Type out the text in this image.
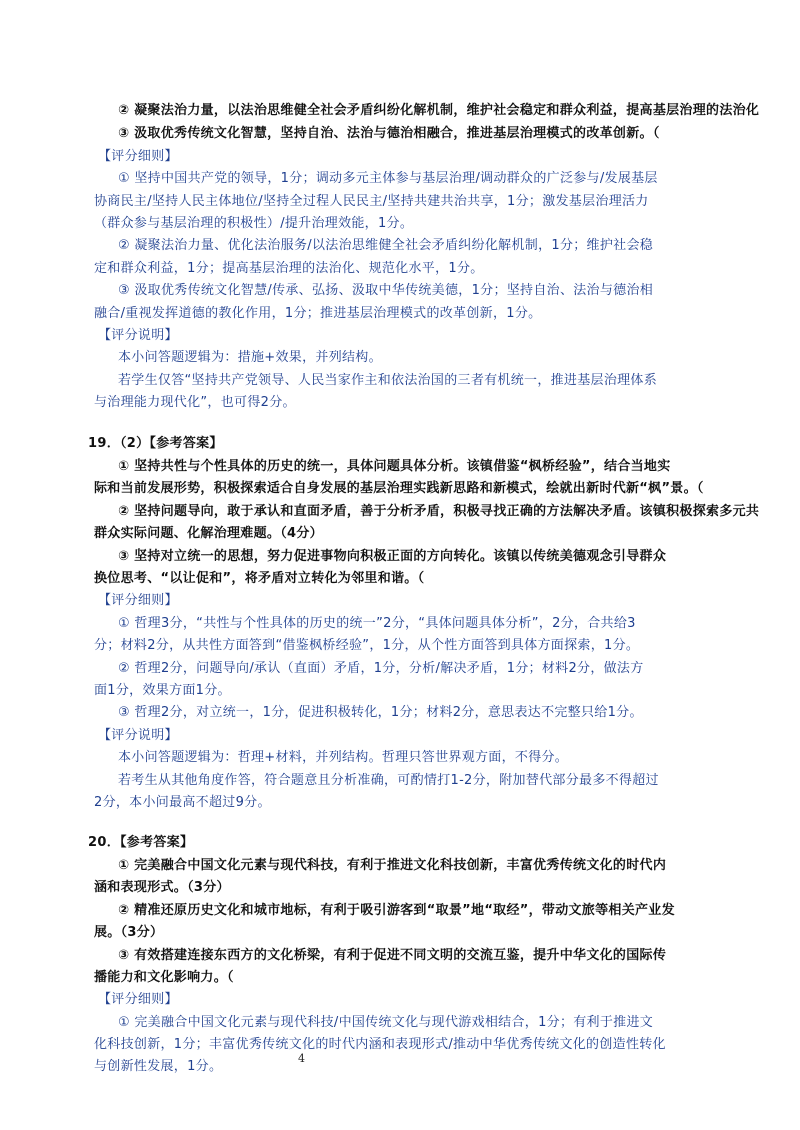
② 凝聚法治力量，以法治思维健全社会矛盾纠纷化解机制，维护社会稳定和群众利益，提高基层治理的法治化
③ 汲取优秀传统文化智慧，坚持自治、法治与德治相融合，推进基层治理模式的改革创新。（
【评分细则】
① 坚持中国共产党的领导，1分；调动多元主体参与基层治理/调动群众的广泛参与/发展基层
协商民主/坚持人民主体地位/坚持全过程人民民主/坚持共建共治共享，1分；激发基层治理活力
（群众参与基层治理的积极性）/提升治理效能，1分。
② 凝聚法治力量、优化法治服务/以法治思维健全社会矛盾纠纷化解机制，1分；维护社会稳
定和群众利益，1分；提高基层治理的法治化、规范化水平，1分。
③ 汲取优秀传统文化智慧/传承、弘扬、汲取中华传统美德，1分；坚持自治、法治与德治相
融合/重视发挥道德的教化作用，1分；推进基层治理模式的改革创新，1分。
【评分说明】
本小问答题逻辑为：措施+效果，并列结构。
若学生仅答“坚持共产党领导、人民当家作主和依法治国的三者有机统一，推进基层治理体系
与治理能力现代化”，也可得2分。
19．（2）【参考答案】
① 坚持共性与个性具体的历史的统一，具体问题具体分析。该镇借鉴“枫桥经验”，结合当地实
际和当前发展形势，积极探索适合自身发展的基层治理实践新思路和新模式，绘就出新时代新“枫”景。（
② 坚持问题导向，敢于承认和直面矛盾，善于分析矛盾，积极寻找正确的方法解决矛盾。该镇积极探索多元共
群众实际问题、化解治理难题。（4分）
③ 坚持对立统一的思想，努力促进事物向积极正面的方向转化。该镇以传统美德观念引导群众
换位思考、“以让促和”，将矛盾对立转化为邻里和谐。（
【评分细则】
① 哲理3分，“共性与个性具体的历史的统一”2分，“具体问题具体分析”，2分，合共给3
分；材料2分，从共性方面答到“借鉴枫桥经验”，1分，从个性方面答到具体方面探索，1分。
② 哲理2分，问题导向/承认（直面）矛盾，1分，分析/解决矛盾，1分；材料2分，做法方
面1分，效果方面1分。
③ 哲理2分，对立统一，1分，促进积极转化，1分；材料2分，意思表达不完整只给1分。
【评分说明】
本小问答题逻辑为：哲理+材料，并列结构。哲理只答世界观方面，不得分。
若考生从其他角度作答，符合题意且分析准确，可酌情打1-2分，附加替代部分最多不得超过
2分，本小问最高不超过9分。
20．【参考答案】
① 完美融合中国文化元素与现代科技，有利于推进文化科技创新，丰富优秀传统文化的时代内
涵和表现形式。（3分）
② 精准还原历史文化和城市地标，有利于吸引游客到“取景”地“取经”，带动文旅等相关产业发
展。（3分）
③ 有效搭建连接东西方的文化桥梁，有利于促进不同文明的交流互鉴，提升中华文化的国际传
播能力和文化影响力。（
【评分细则】
① 完美融合中国文化元素与现代科技/中国传统文化与现代游戏相结合，1分；有利于推进文
化科技创新，1分；丰富优秀传统文化的时代内涵和表现形式/推动中华优秀传统文化的创造性转化
与创新性发展，1分。
4
